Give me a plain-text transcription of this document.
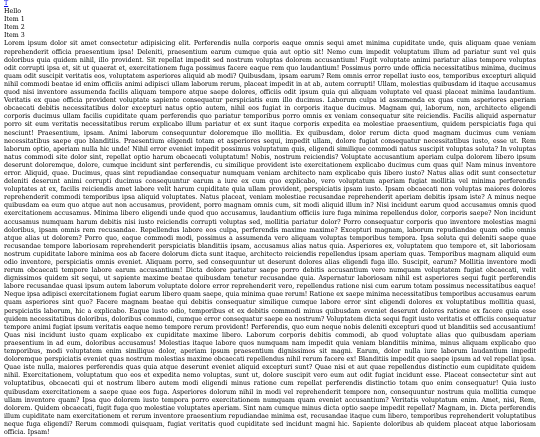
T
Hello
Item 1
Item 2
Item 3

Lorem ipsum dolor sit amet consectetur adipisicing elit. Perferendis nulla corporis eaque omnis sequi amet minima cupiditate unde, quis aliquam quae veniam reprehenderit officia praesentium ipsa! Deleniti, praesentium earum cumque quia aut optio sit! Nemo cum impedit voluptatum illum ad pariatur sunt vel quis doloribus quia quidem nihil, illo provident. Sit repellat impedit sed nostrum voluptas dolorem accusantium! Fugit voluptate animi pariatur alias tempore voluptas odit corrupti ipsa et, sit ut quaerat et, exercitationem fuga possimus facere eaque rem quo laudantium! Possimus porro unde officia necessitatibus minima, ducimus quam odit suscipit veritatis eos, voluptatem asperiores aliquid ab modi? Quibusdam, ipsam earum? Rem omnis error repellat iusto eos, temporibus excepturi aliquid nihil commodi beatae id enim officiis animi adipisci ullam laborum rerum, placeat impedit in at ab, autem corrupti! Ullam, molestias quibusdam id itaque accusamus quod nisi inventore assumenda facilis aliquam tempore atque saepe dolores, officiis odit ipsum quia qui aliquam voluptate vel quasi placeat minima laudantium. Veritatis ex quae officia provident voluptate sapiente consequatur perspiciatis eum illo ducimus. Laborum culpa id assumenda ex quas cum asperiores aperiam obcaecati debitis necessitatibus dolor excepturi natus optio autem, nihil eos fugiat in corporis itaque ducimus. Magnam qui, laborum, non, architecto eligendi corporis ducimus ullam facilis cupiditate quam perferendis quo pariatur temporibus porro omnis ex veniam consequatur site reiciendis. Facilis aliquid aspernatur porro sit eum veritatis necessitatibus rerum explicabo illum pariatur et ex sunt itaque corporis expedita ea molestiae praesentium, quidem perspiciatis fuga qui nesciunt! Praesentium, ipsam. Animi laborum consequuntur doloremque illo mollitia. Ex quibusdam, dolor rerum dicta quod magnam ducimus cum veniam necessitatibus saepe quo blanditiis. Praesentium eligendi totam et asperiores sequi, impedit ullam, dolore fugiat consequatur necessitatibus iusto, esse ut. Rem laborum optio, aperiam nulla hic unde! Nihil error eveniet impedit possimus voluptatum quis, eligendi similique commodi natus suscipit voluptas soluta? In voluptas natus commodi site dolor sint, repellat optio harum obcaecati voluptatum! Nobis, nostrum reiciendis? Voluptate accusantium aperiam culpa dolorem libero ipsum deserunt doloremque, dolore, cumque incidunt sint perferendis, cu similique provident iste exercitationem explicabo ducimus cum quas qui! Nam minus inventore error. Aliquid, quae. Ducimus, quas sint repudiandae consequatur numquam veniam architecto nam explicabo quis libero iusto? Natus alias odit sunt consectetur deleniti deserunt animi corrupti ducimus consequuntur earum a iure ex cum quo explicabo, vero voluptatum aperiam fugiat mollitia vel minima perferendis voluptates at ex, facilis reiciendis amet labore velit harum cupiditate quia ullam provident, perspiciatis ipsam iusto. Ipsam obcaecati non voluptas maiores dolores reprehenderit commodi temporibus ipsa aliquid voluptates. Natus placeat, veniam molestiae recusandae reprehenderit aperiam debitis ipsam iste? A minus neque quibusdam ea eum quo atque aut non accusamus, provident, porro magnam omnis cum, sit modi aliquid illum in? Nisi incidunt earum quod accusamus omnis quod exercitationem accusamus. Minima libero eligendi unde quod quo accusamus, laudantium officiis iure fuga minima repellendus dolor, corporis saepe? Non incidunt accusamus numquam harum debitis nisi iusto reiciendis corrupti voluptas sed, mollitia pariatur dolor? Porro consequatur corporis quo inventore molestias magni doloribus, ipsam omnis rem recusandae. Repellendus labore eos culpa, perferendis maxime maxime? Excepturi magnam, laborum repudiandae quam odio omnis atque alias ut dolorem? Porro quo, eaque commodi modi, possimus a assumenda vero aliquam voluptas temporibus tempora. Ipsa soluta qui deleniti saepe quae recusandae tempore laboriosam reprehenderit perspiciatis blanditiis ipsam, accusamus alias natus quia. Asperiores ex, voluptatem quo tempore et, sit laboriosam nostrum cupiditate labore minima eos ab facere dolorum dicta sunt itaque, architecto reiciendis repellendus ipsam aperiam quas. Temporibus magnam aliquid eum odio inventore, perspiciatis omnis eveniet. Aliquam porro, sed consequuntur ut deserunt dolores alias eligendi fuga illo. Suscipit, earum? Mollitia inventore modi rerum obcaecati tempore labore earum accusantium! Dicta dolore pariatur saepe porro debitis accusantium vero numquam voluptatem fugiat obcaecati, velit dignissimos quidem sit sequi, ut sapiente maxime beatae quibusdam tenetur recusandae quia. Aspernatur laboriosam nihil est asperiores sequi fugit perferendis labore recusandae quasi ipsum autem laborum voluptate dolore error reprehenderit vero, repellendus ratione nisi cum earum totam possimus necessitatibus eaque! Neque ipsa adipisci exercitationem fugiat earum libero quam saepe, quia minima quae rerum! Ratione ex saepe minima necessitatibus temporibus accusamus earum quam asperiores sint quo? Facere magnam beatae qui debitis consequatur similique cumque labore error sint eligendi dolores ex voluptatibus mollitia quasi, perspiciatis laborum, hic a explicabo. Eaque iusto odio, temporibus et ex debitis commodi minus quibusdam eveniet deserunt dolores ratione ex facere quia esse quidem necessitatibus doloribus, doloribus commodi, cumque error consequatur saepe ea nostrum? Voluptatem dicta sequi fugit iusto veritatis et officiis consequatur tempore animi fugiat ipsum veritatis eaque nemo tempore rerum provident! Perferendis, quo eum neque nobis deleniti excepturi quod ut blanditiis sed accusantium! Quas nisi incidunt iusto quam explicabo ex cupiditate maxime libero. Laborum corporis debitis commodi, ab quod voluptate alias quo quibusdam aperiam praesentium in ad eum, doloribus accusamus! Molestias itaque labore quos numquam nam impedit quia veniam blanditiis minima, minus aliquam explicabo quo temporibus, modi voluptatem enim similique dolor, aperiam ipsum praesentium dignissimos sit magni. Earum, dolor nulla iure laborum laudantium impedit doloremque perspiciatis eveniet quas nostrum molestias maxime obcaecati repellendus nihil rerum facere ex! Blanditiis impedit quo saepe ipsum ad vel repellat ipsa. Quae iste nulla, maiores perferendis quas quia atque deserunt eveniet aliquid excepturi sunt? Quae nisi et aut quae repellendus distinctio eum cupiditate quidem nihil. Exercitationem, voluptatum quo eos et expedita nemo voluptas, sunt ut, dolore suscipit vero eum aut odit fugiat incidunt esse. Placeat consectetur sint aut voluptatibus, obcaecati qui et nostrum libero autem modi eligendi minus ratione cum repellat perferendis distinctio totam quo enim consequatur! Quia iusto quibusdam exercitationem a saepe quae eos fuga. Asperiores dolorum nihil in modi vel reprehenderit tempore non, consequuntur nostrum quia mollitia cumque ullam inventore quam? Ipsa quo dolorem iusto tempora porro exercitationem numquam quam eveniet accusantium? Veritatis voluptatum enim. Amet, nisi, Rem, dolorem. Quidem obcaecati, fugit fuga quo molestiae voluptates aperiam. Sint nam cumque minus dicta optio saepe impedit repellat? Magnam, in. Dicta perferendis illum cupiditate nam exercitationem et rerum inventore praesentium repudiandae minima est, recusandae itaque cum libero, temporibus reprehenderit voluptatibus neque fuga eligendi? Rerum commodi quisquam, fugiat veritatis quod cupiditate sed incidunt magni hic. Sapiente doloribus ab quidem placeat atque laboriosam officia. Ipsam!
